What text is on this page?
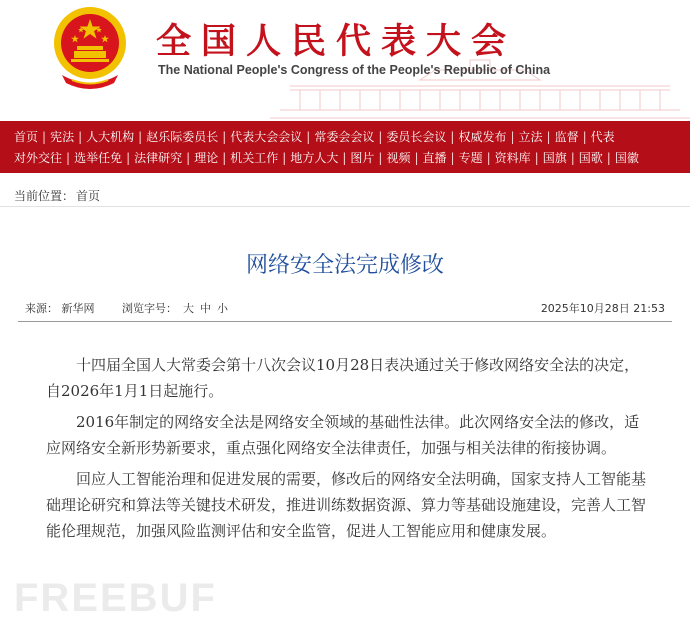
全国人民代表大会
The National People's Congress of the People's Republic of China
首页 | 宪法 | 人大机构 | 赵乐际委员长 | 代表大会会议 | 常委会会议 | 委员长会议 | 权威发布 | 立法 | 监督 | 代表
对外交往 | 选举任免 | 法律研究 | 理论 | 机关工作 | 地方人大 | 图片 | 视频 | 直播 | 专题 | 资料库 | 国旗 | 国歌 | 国徽
当前位置： 首页
网络安全法完成修改
来源： 新华网	浏览字号： 大 中 小	2025年10月28日 21:53

十四届全国人大常委会第十八次会议10月28日表决通过关于修改网络安全法的决定，自2026年1月1日起施行。

2016年制定的网络安全法是网络安全领域的基础性法律。此次网络安全法的修改，适应网络安全新形势新要求，重点强化网络安全法律责任，加强与相关法律的衔接协调。

回应人工智能治理和促进发展的需要，修改后的网络安全法明确，国家支持人工智能基础理论研究和算法等关键技术研发，推进训练数据资源、算力等基础设施建设，完善人工智能伦理规范，加强风险监测评估和安全监管，促进人工智能应用和健康发展。

FREEBUF
